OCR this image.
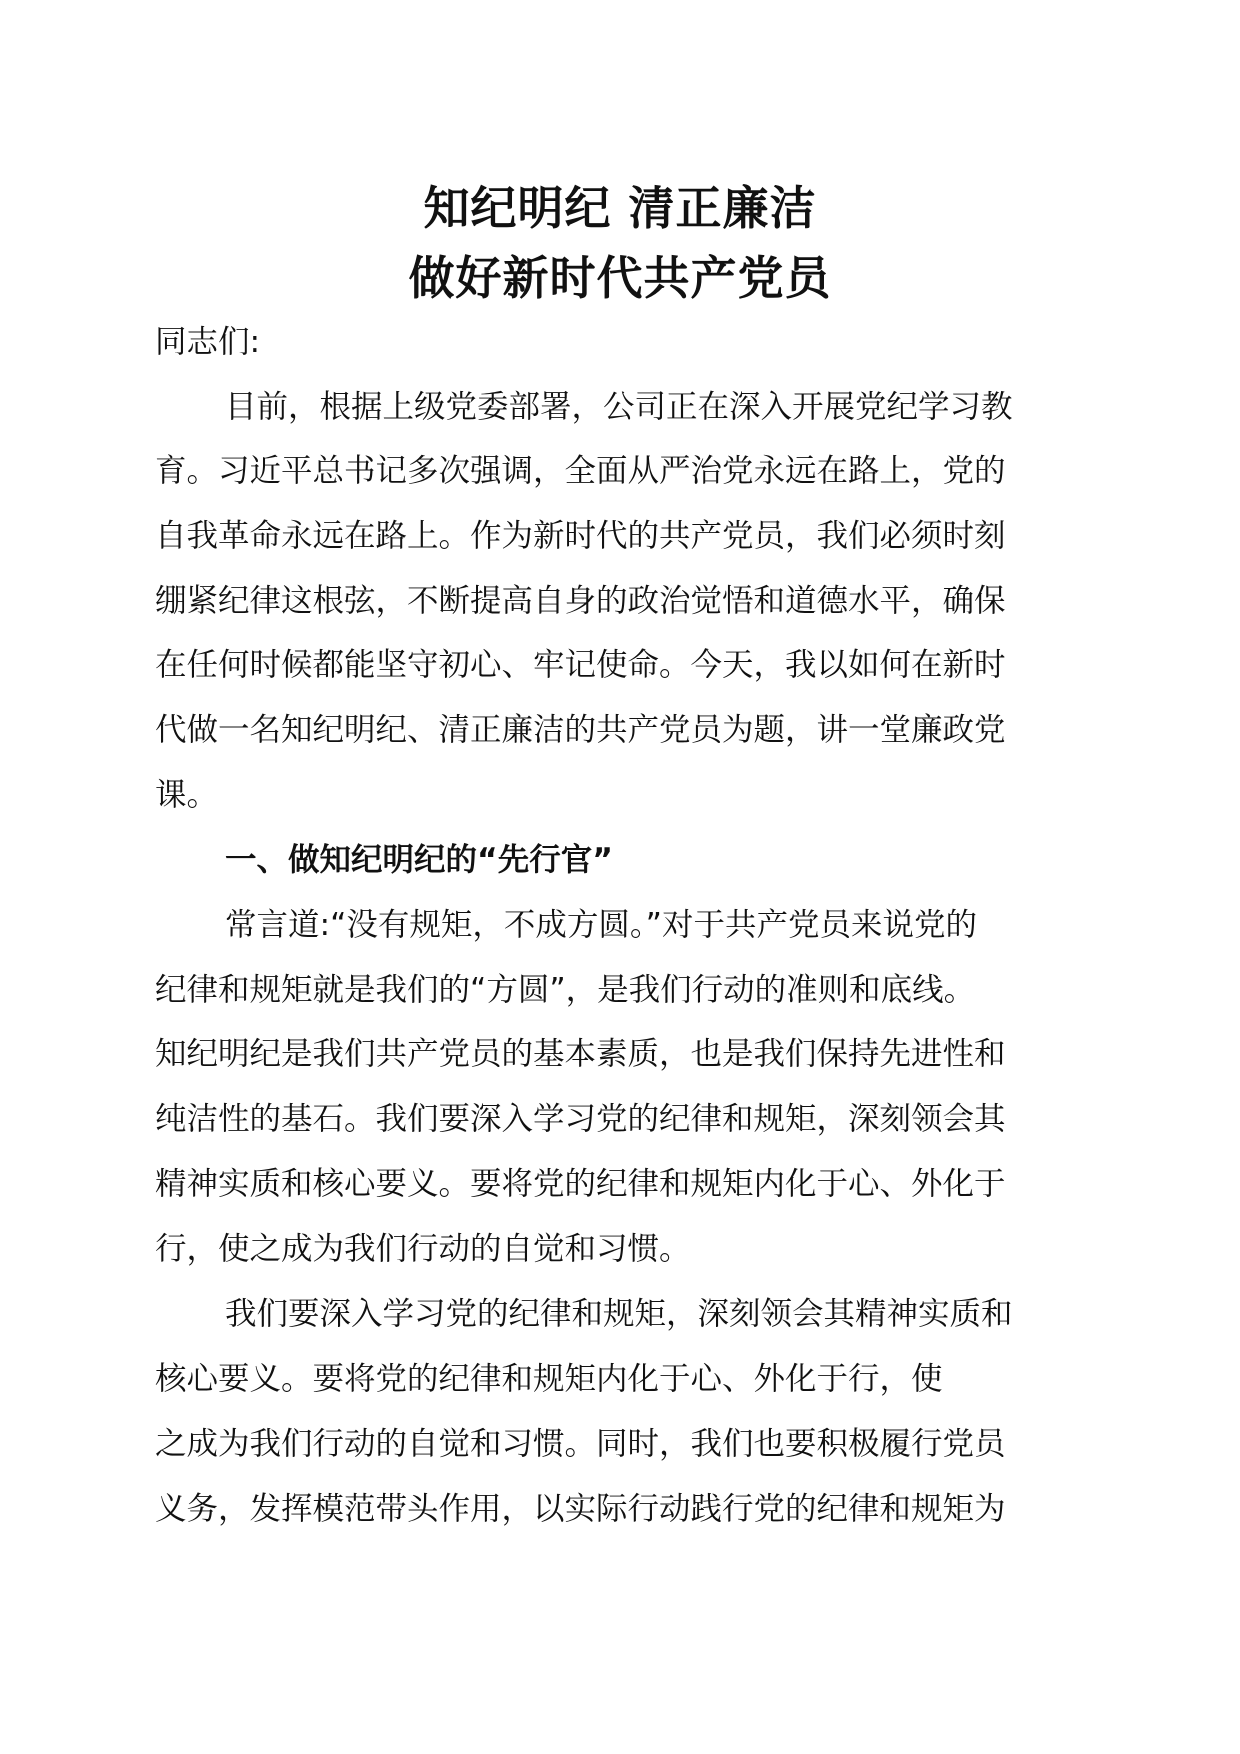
知纪明纪 清正廉洁
做好新时代共产党员
同志们:
目前，根据上级党委部署，公司正在深入开展党纪学习教
育。习近平总书记多次强调，全面从严治党永远在路上，党的
自我革命永远在路上。作为新时代的共产党员，我们必须时刻
绷紧纪律这根弦，不断提高自身的政治觉悟和道德水平，确保
在任何时候都能坚守初心、牢记使命。今天，我以如何在新时
代做一名知纪明纪、清正廉洁的共产党员为题，讲一堂廉政党
课。
一、做知纪明纪的“先行官”
常言道:“没有规矩，不成方圆。”对于共产党员来说党的
纪律和规矩就是我们的“方圆”，是我们行动的准则和底线。
知纪明纪是我们共产党员的基本素质，也是我们保持先进性和
纯洁性的基石。我们要深入学习党的纪律和规矩，深刻领会其
精神实质和核心要义。要将党的纪律和规矩内化于心、外化于
行，使之成为我们行动的自觉和习惯。
我们要深入学习党的纪律和规矩，深刻领会其精神实质和
核心要义。要将党的纪律和规矩内化于心、外化于行，使
之成为我们行动的自觉和习惯。同时，我们也要积极履行党员
义务，发挥模范带头作用，以实际行动践行党的纪律和规矩为
